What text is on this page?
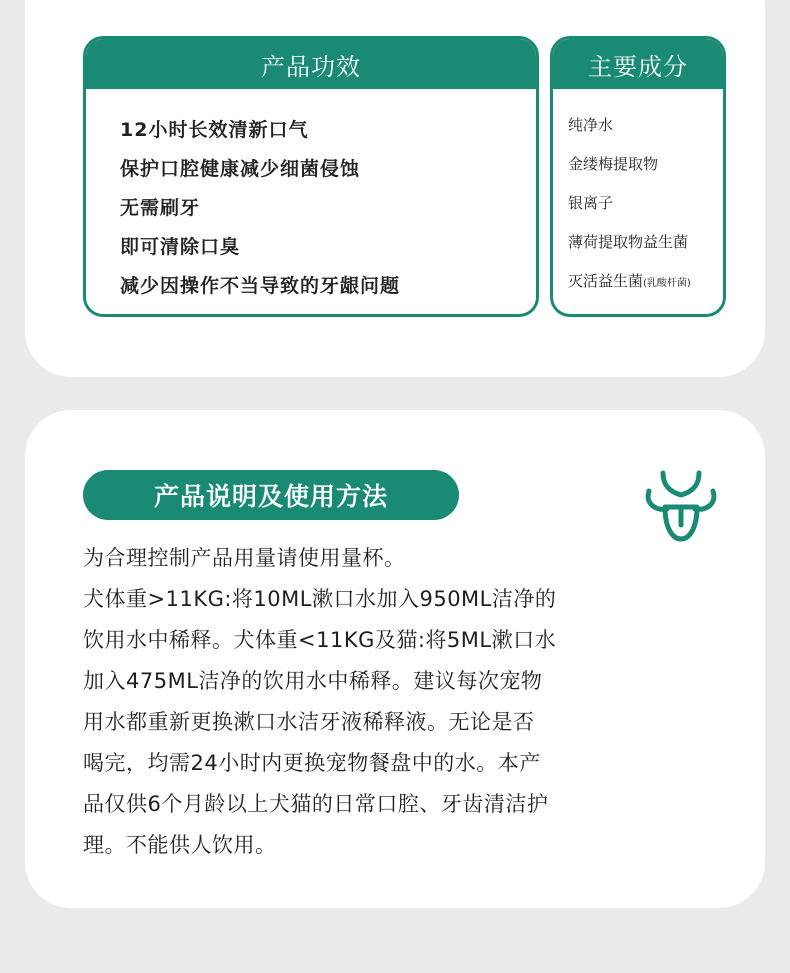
产品功效
12小时长效清新口气
保护口腔健康减少细菌侵蚀
无需刷牙
即可清除口臭
减少因操作不当导致的牙龈问题
主要成分
纯净水
金缕梅提取物
银离子
薄荷提取物益生菌
灭活益生菌(乳酸杆菌)
产品说明及使用方法

为合理控制产品用量请使用量杯。
犬体重>11KG:将10ML漱口水加入950ML洁净的
饮用水中稀释。犬体重<11KG及猫:将5ML漱口水
加入475ML洁净的饮用水中稀释。建议每次宠物
用水都重新更换漱口水洁牙液稀释液。无论是否
喝完，均需24小时内更换宠物餐盘中的水。本产
品仅供6个月龄以上犬猫的日常口腔、牙齿清洁护
理。不能供人饮用。
